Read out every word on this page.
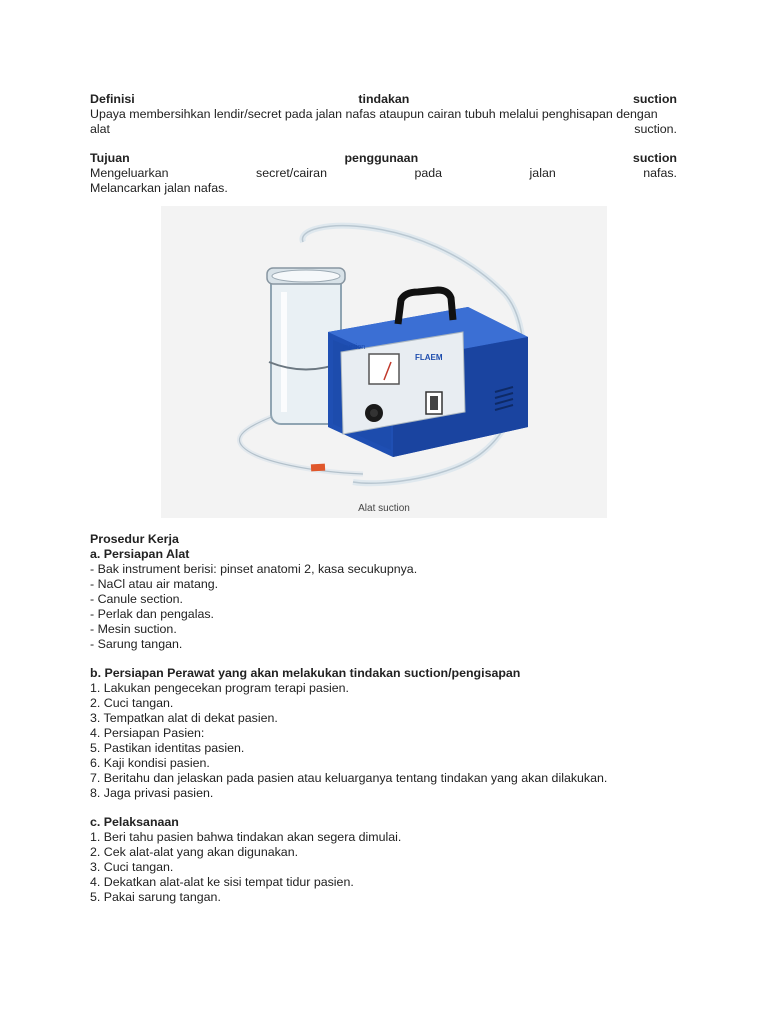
Definisi	tindakan	suction
Upaya membersihkan lendir/secret pada jalan nafas ataupun cairan tubuh melalui penghisapan dengan
alat	suction.
Tujuan	penggunaan	suction
Mengeluarkan	secret/cairan	pada	jalan	nafas.
Melancarkan jalan nafas.
suction
FLAEM
Alat suction
Prosedur Kerja
a. Persiapan Alat
- Bak instrument berisi: pinset anatomi 2, kasa secukupnya.
- NaCl atau air matang.
- Canule section.
- Perlak dan pengalas.
- Mesin suction.
- Sarung tangan.
b. Persiapan Perawat yang akan melakukan tindakan suction/pengisapan
1. Lakukan pengecekan program terapi pasien.
2. Cuci tangan.
3. Tempatkan alat di dekat pasien.
4. Persiapan Pasien:
5. Pastikan identitas pasien.
6. Kaji kondisi pasien.
7. Beritahu dan jelaskan pada pasien atau keluarganya tentang tindakan yang akan dilakukan.
8. Jaga privasi pasien.
c. Pelaksanaan
1. Beri tahu pasien bahwa tindakan akan segera dimulai.
2. Cek alat-alat yang akan digunakan.
3. Cuci tangan.
4. Dekatkan alat-alat ke sisi tempat tidur pasien.
5. Pakai sarung tangan.
